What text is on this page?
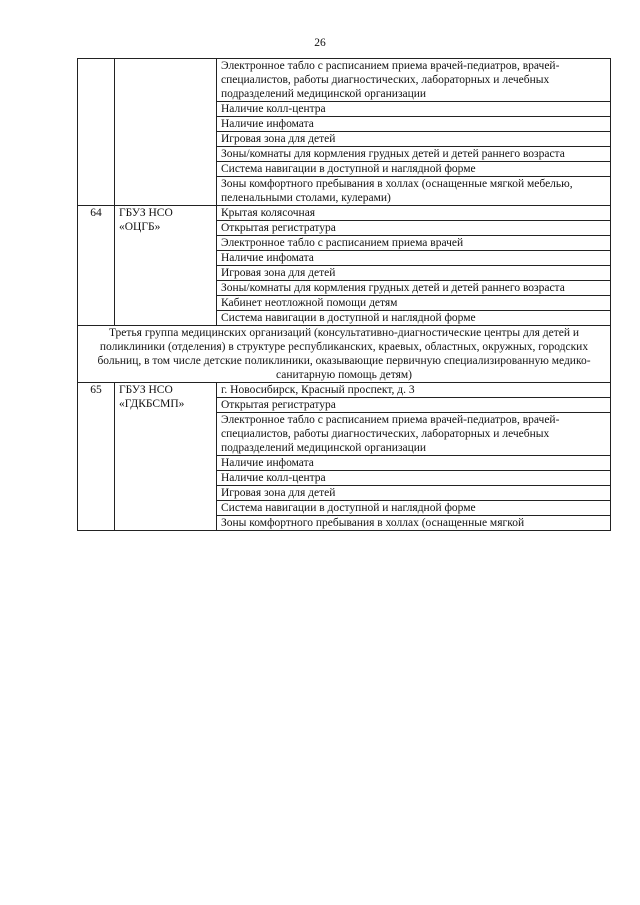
26
		Электронное табло с расписанием приема врачей-педиатров, врачей-специалистов, работы диагностических, лабораторных и лечебных подразделений медицинской организации
		Наличие колл-центра
		Наличие инфомата
		Игровая зона для детей
		Зоны/комнаты для кормления грудных детей и детей раннего возраста
		Система навигации в доступной и наглядной форме
		Зоны комфортного пребывания в холлах (оснащенные мягкой мебелью, пеленальными столами, кулерами)
64	ГБУЗ НСО «ОЦГБ»	Крытая колясочная
		Открытая регистратура
		Электронное табло с расписанием приема врачей
		Наличие инфомата
		Игровая зона для детей
		Зоны/комнаты для кормления грудных детей и детей раннего возраста
		Кабинет неотложной помощи детям
		Система навигации в доступной и наглядной форме
Третья группа медицинских организаций (консультативно-диагностические центры для детей и поликлиники (отделения) в структуре республиканских, краевых, областных, окружных, городских больниц, в том числе детские поликлиники, оказывающие первичную специализированную медико-санитарную помощь детям)		
65	ГБУЗ НСО «ГДКБСМП»	г. Новосибирск, Красный проспект, д. 3
		Открытая регистратура
		Электронное табло с расписанием приема врачей-педиатров, врачей-специалистов, работы диагностических, лабораторных и лечебных подразделений медицинской организации
		Наличие инфомата
		Наличие колл-центра
		Игровая зона для детей
		Система навигации в доступной и наглядной форме
		Зоны комфортного пребывания в холлах (оснащенные мягкой
